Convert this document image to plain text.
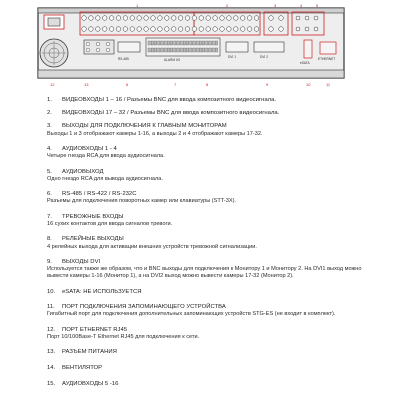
RS-485	ALARM I/O
DVI 1	DVI 2
eSATA
ETHERNET
1	2	3	4	5
12	13	6	7	8	9	10	11
1. ВИДЕОВХОДЫ 1 – 16 / Разъемы BNC для ввода композитного видеосигнала.
2. ВИДЕОВХОДЫ 17 – 32 / Разъемы BNC для ввода композитного видеосигнала.
3. ВЫХОДЫ ДЛЯ ПОДКЛЮЧЕНИЯ К ГЛАВНЫМ МОНИТОРАМ
Выходы 1 и 3 отображают камеры 1-16, а выходы 2 и 4 отображают камеры 17-32.
4. АУДИОВХОДЫ 1 - 4
Четыре гнезда RCA для ввода аудиосигнала.
5. АУДИОВЫХОД
Одно гнездо RCA для вывода аудиосигнала.
6. RS-485 / RS-422 / RS-232C
Разъемы для подключения поворотных камер или клавиатуры (STT-3X).
7. ТРЕВОЖНЫЕ ВХОДЫ
16 сухих контактов для ввода сигналов тревоги.
8. РЕЛЕЙНЫЕ ВЫХОДЫ
4 релейных выхода для активации внешних устройств тревожной сигнализации.
9. ВЫХОДЫ DVI
Используется также же образом, что и BNC выходы для подключения к Монитору 1 и Монитору 2. На DVI1 выход можно вывести камеры 1-16 (Монитор 1), а на DVI2 выход можно вывести камеры 17-32 (Монитор 2).
10. eSATA: НЕ ИСПОЛЬЗУЕТСЯ
11. ПОРТ ПОДКЛЮЧЕНИЯ ЗАПОМИНАЮЩЕГО УСТРОЙСТВА
Гигабитный порт для подключения дополнительных запоминающих устройств STG-ES (не входит в комплект).
12. ПОРТ ETHERNET RJ45
Порт 10/100Base-T Ethernet RJ45 для подключения к сети.
13. РАЗЪЕМ ПИТАНИЯ
14. ВЕНТИЛЯТОР
15. АУДИОВХОДЫ 5 -16
